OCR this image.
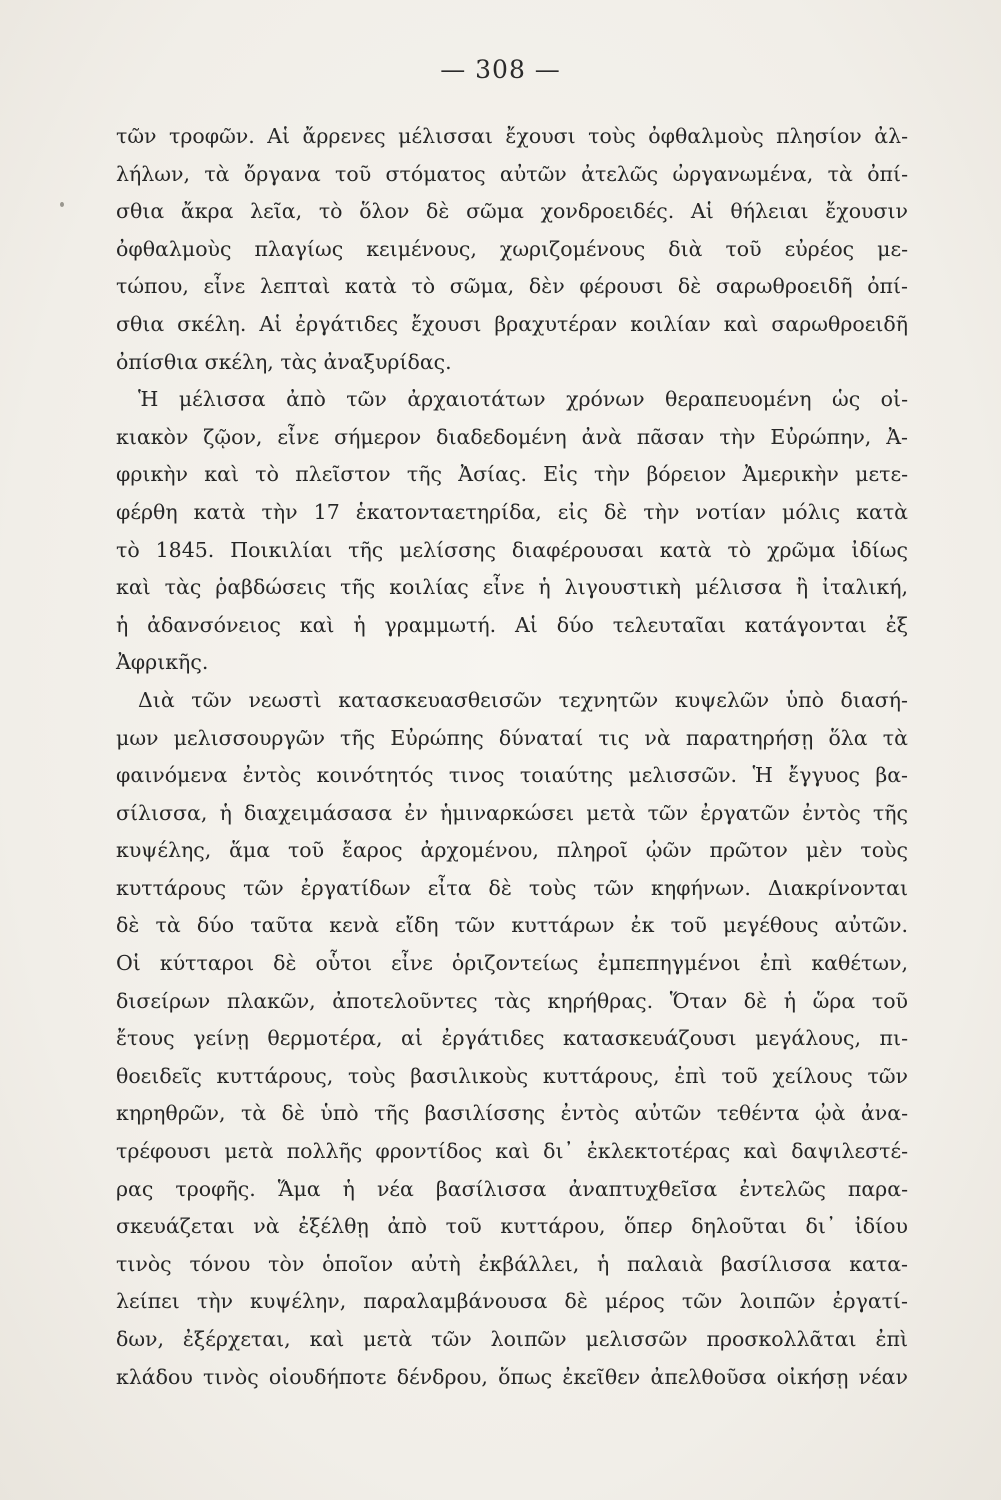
— 308 —
τῶν τροφῶν. Αἱ ἄρρενες μέλισσαι ἔχουσι τοὺς ὀφθαλμοὺς πλησίον ἀλ-
λήλων, τὰ ὄργανα τοῦ στόματος αὐτῶν ἀτελῶς ὠργανωμένα, τὰ ὀπί-
σθια ἄκρα λεῖα, τὸ ὅλον δὲ σῶμα χονδροειδές. Αἱ θήλειαι ἔχουσιν
ὀφθαλμοὺς πλαγίως κειμένους, χωριζομένους διὰ τοῦ εὐρέος με-
τώπου, εἶνε λεπταὶ κατὰ τὸ σῶμα, δὲν φέρουσι δὲ σαρωθροειδῆ ὀπί-
σθια σκέλη. Αἱ ἐργάτιδες ἔχουσι βραχυτέραν κοιλίαν καὶ σαρωθροειδῆ
ὀπίσθια σκέλη, τὰς ἀναξυρίδας.
Ἡ μέλισσα ἀπὸ τῶν ἀρχαιοτάτων χρόνων θεραπευομένη ὡς οἰ-
κιακὸν ζῷον, εἶνε σήμερον διαδεδομένη ἀνὰ πᾶσαν τὴν Εὐρώπην, Ἀ-
φρικὴν καὶ τὸ πλεῖστον τῆς Ἀσίας. Εἰς τὴν βόρειον Ἀμερικὴν μετε-
φέρθη κατὰ τὴν 17 ἑκατονταετηρίδα, εἰς δὲ τὴν νοτίαν μόλις κατὰ
τὸ 1845. Ποικιλίαι τῆς μελίσσης διαφέρουσαι κατὰ τὸ χρῶμα ἰδίως
καὶ τὰς ῥαβδώσεις τῆς κοιλίας εἶνε ἡ λιγουστικὴ μέλισσα ἢ ἰταλική,
ἡ ἀδανσόνειος καὶ ἡ γραμμωτή. Αἱ δύο τελευταῖαι κατάγονται ἐξ
Ἀφρικῆς.
Διὰ τῶν νεωστὶ κατασκευασθεισῶν τεχνητῶν κυψελῶν ὑπὸ διασή-
μων μελισσουργῶν τῆς Εὐρώπης δύναταί τις νὰ παρατηρήσῃ ὅλα τὰ
φαινόμενα ἐντὸς κοινότητός τινος τοιαύτης μελισσῶν. Ἡ ἔγγυος βα-
σίλισσα, ἡ διαχειμάσασα ἐν ἡμιναρκώσει μετὰ τῶν ἐργατῶν ἐντὸς τῆς
κυψέλης, ἅμα τοῦ ἔαρος ἀρχομένου, πληροῖ ᾠῶν πρῶτον μὲν τοὺς
κυττάρους τῶν ἐργατίδων εἶτα δὲ τοὺς τῶν κηφήνων. Διακρίνονται
δὲ τὰ δύο ταῦτα κενὰ εἴδη τῶν κυττάρων ἐκ τοῦ μεγέθους αὐτῶν.
Οἱ κύτταροι δὲ οὗτοι εἶνε ὁριζοντείως ἐμπεπηγμένοι ἐπὶ καθέτων,
δισείρων πλακῶν, ἀποτελοῦντες τὰς κηρήθρας. Ὅταν δὲ ἡ ὥρα τοῦ
ἔτους γείνῃ θερμοτέρα, αἱ ἐργάτιδες κατασκευάζουσι μεγάλους, πι-
θοειδεῖς κυττάρους, τοὺς βασιλικοὺς κυττάρους, ἐπὶ τοῦ χείλους τῶν
κηρηθρῶν, τὰ δὲ ὑπὸ τῆς βασιλίσσης ἐντὸς αὐτῶν τεθέντα ᾠὰ ἀνα-
τρέφουσι μετὰ πολλῆς φροντίδος καὶ δι᾽ ἐκλεκτοτέρας καὶ δαψιλεστέ-
ρας τροφῆς. Ἅμα ἡ νέα βασίλισσα ἀναπτυχθεῖσα ἐντελῶς παρα-
σκευάζεται νὰ ἐξέλθῃ ἀπὸ τοῦ κυττάρου, ὅπερ δηλοῦται δι᾽ ἰδίου
τινὸς τόνου τὸν ὁποῖον αὐτὴ ἐκβάλλει, ἡ παλαιὰ βασίλισσα κατα-
λείπει τὴν κυψέλην, παραλαμβάνουσα δὲ μέρος τῶν λοιπῶν ἐργατί-
δων, ἐξέρχεται, καὶ μετὰ τῶν λοιπῶν μελισσῶν προσκολλᾶται ἐπὶ
κλάδου τινὸς οἱουδήποτε δένδρου, ὅπως ἐκεῖθεν ἀπελθοῦσα οἰκήσῃ νέαν
